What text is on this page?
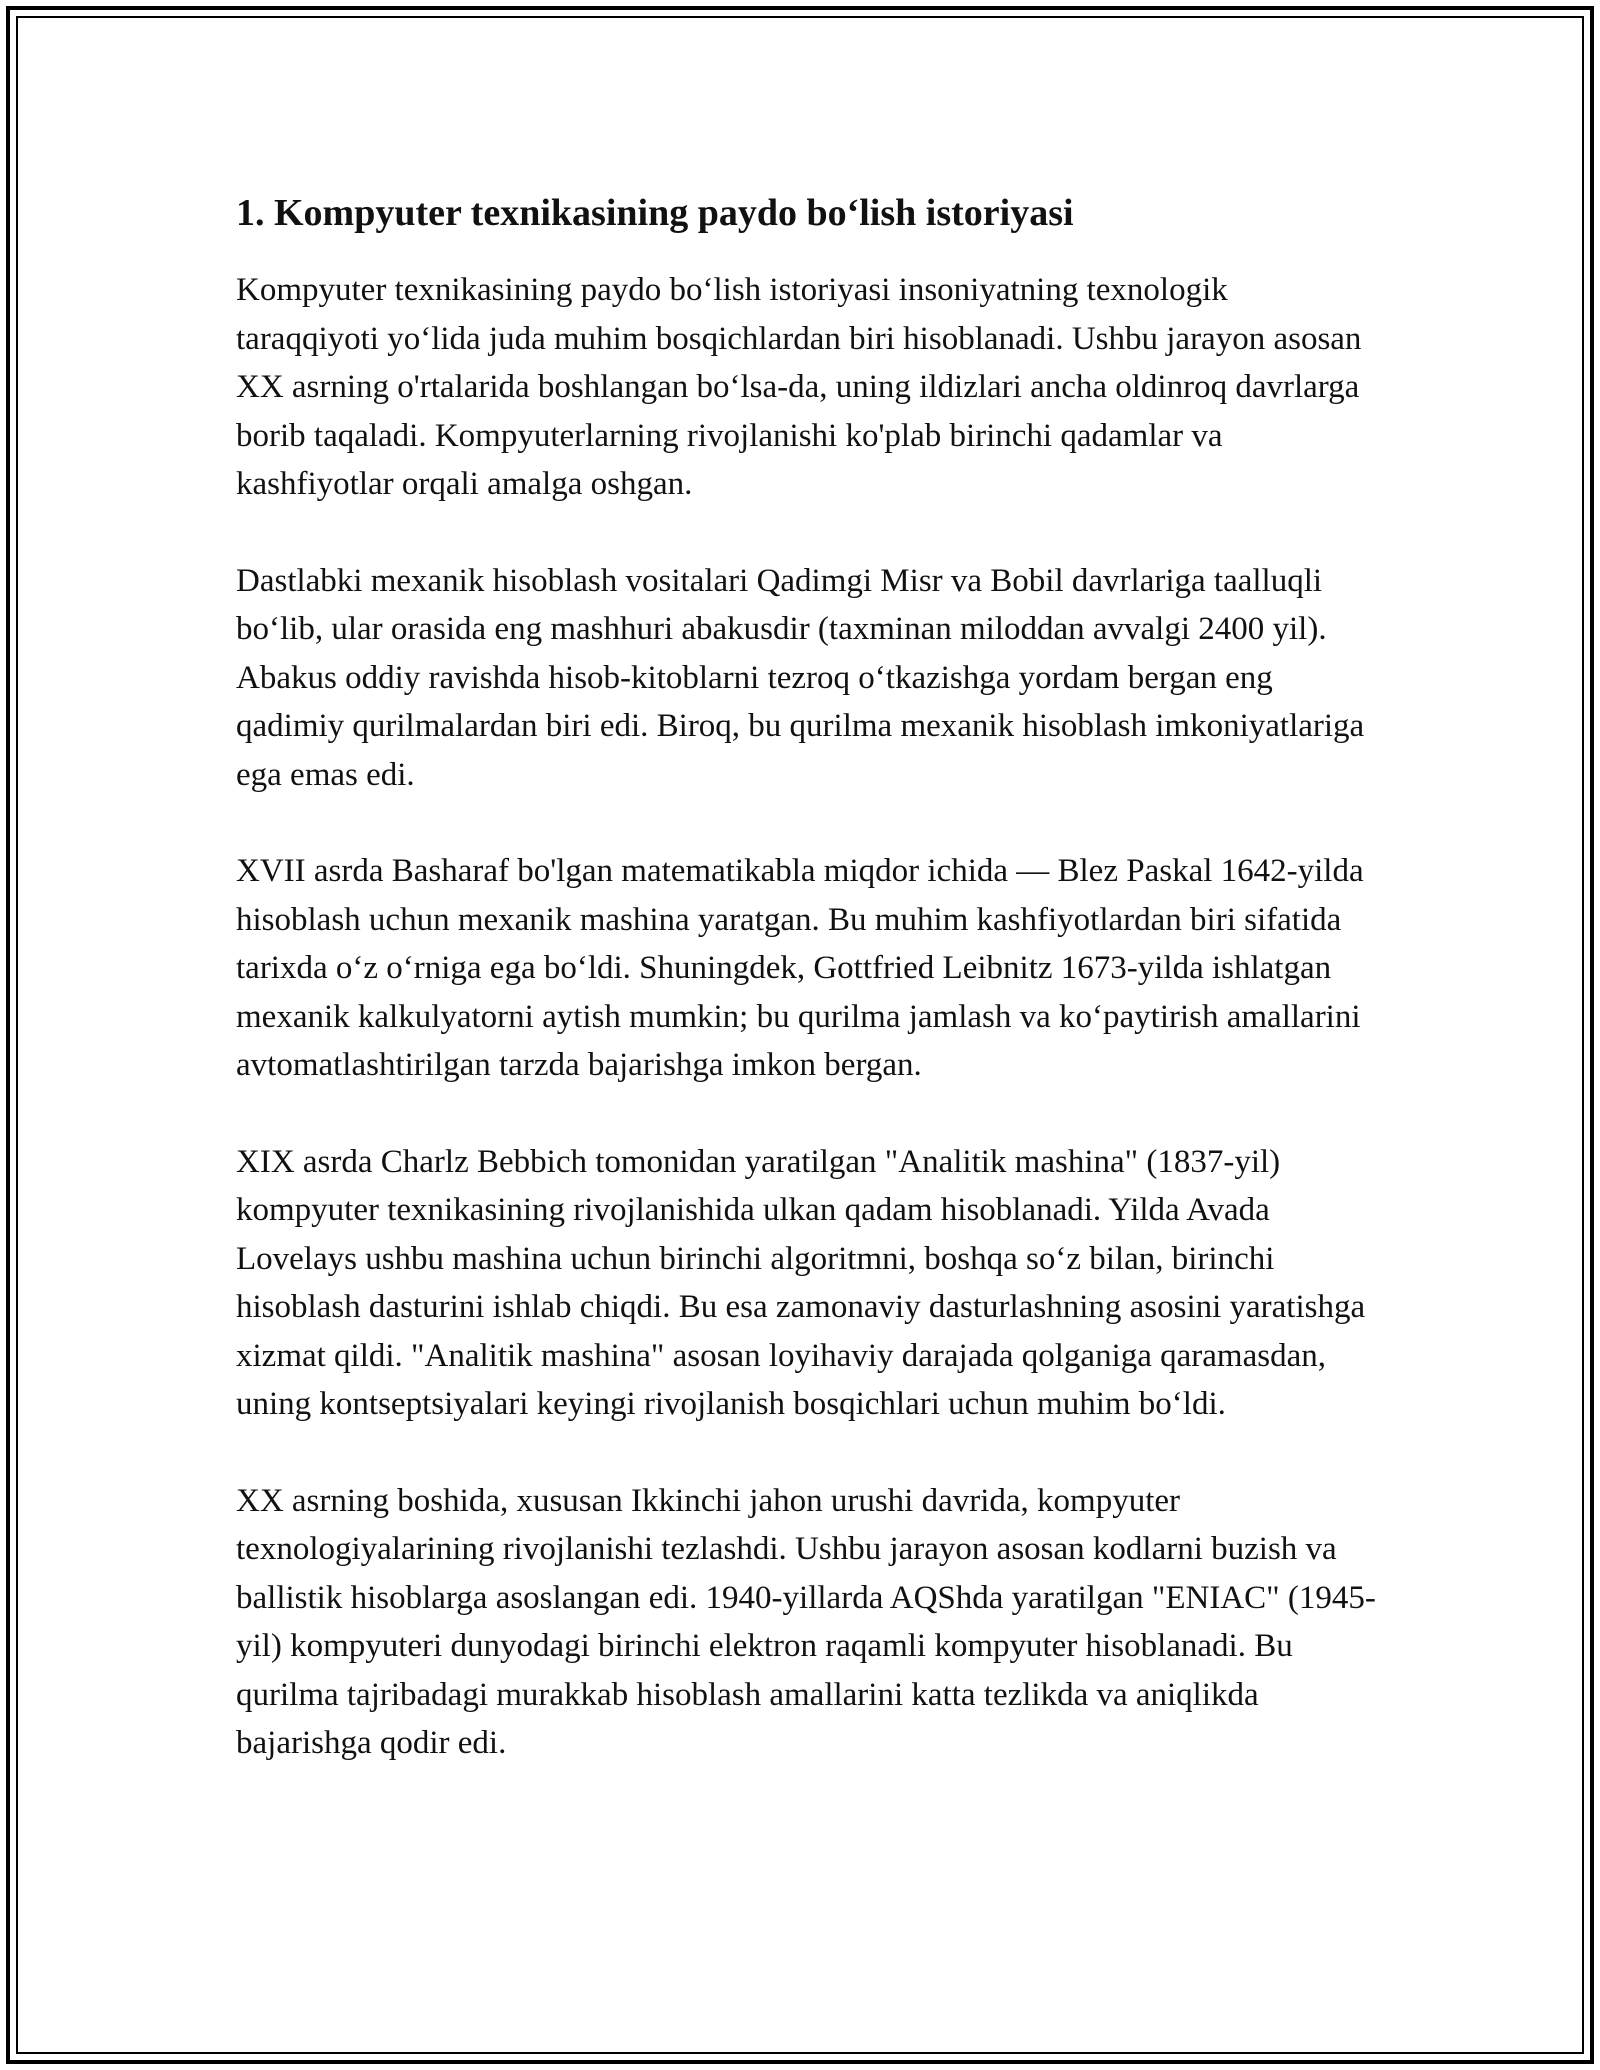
1. Kompyuter texnikasining paydo bo‘lish istoriyasi

Kompyuter texnikasining paydo bo‘lish istoriyasi insoniyatning texnologik taraqqiyoti yo‘lida juda muhim bosqichlardan biri hisoblanadi. Ushbu jarayon asosan XX asrning o'rtalarida boshlangan bo‘lsa-da, uning ildizlari ancha oldinroq davrlarga borib taqaladi. Kompyuterlarning rivojlanishi ko'plab birinchi qadamlar va kashfiyotlar orqali amalga oshgan.

Dastlabki mexanik hisoblash vositalari Qadimgi Misr va Bobil davrlariga taalluqli bo‘lib, ular orasida eng mashhuri abakusdir (taxminan miloddan avvalgi 2400 yil). Abakus oddiy ravishda hisob-kitoblarni tezroq o‘tkazishga yordam bergan eng qadimiy qurilmalardan biri edi. Biroq, bu qurilma mexanik hisoblash imkoniyatlariga ega emas edi.

XVII asrda Basharaf bo'lgan matematikabla miqdor ichida — Blez Paskal 1642-yilda hisoblash uchun mexanik mashina yaratgan. Bu muhim kashfiyotlardan biri sifatida tarixda o‘z o‘rniga ega bo‘ldi. Shuningdek, Gottfried Leibnitz 1673-yilda ishlatgan mexanik kalkulyatorni aytish mumkin; bu qurilma jamlash va ko‘paytirish amallarini avtomatlashtirilgan tarzda bajarishga imkon bergan.

XIX asrda Charlz Bebbich tomonidan yaratilgan "Analitik mashina" (1837-yil) kompyuter texnikasining rivojlanishida ulkan qadam hisoblanadi. Yilda Avada Lovelays ushbu mashina uchun birinchi algoritmni, boshqa so‘z bilan, birinchi hisoblash dasturini ishlab chiqdi. Bu esa zamonaviy dasturlashning asosini yaratishga xizmat qildi. "Analitik mashina" asosan loyihaviy darajada qolganiga qaramasdan, uning kontseptsiyalari keyingi rivojlanish bosqichlari uchun muhim bo‘ldi.

XX asrning boshida, xususan Ikkinchi jahon urushi davrida, kompyuter texnologiyalarining rivojlanishi tezlashdi. Ushbu jarayon asosan kodlarni buzish va ballistik hisoblarga asoslangan edi. 1940-yillarda AQShda yaratilgan "ENIAC" (1945-yil) kompyuteri dunyodagi birinchi elektron raqamli kompyuter hisoblanadi. Bu qurilma tajribadagi murakkab hisoblash amallarini katta tezlikda va aniqlikda bajarishga qodir edi.
